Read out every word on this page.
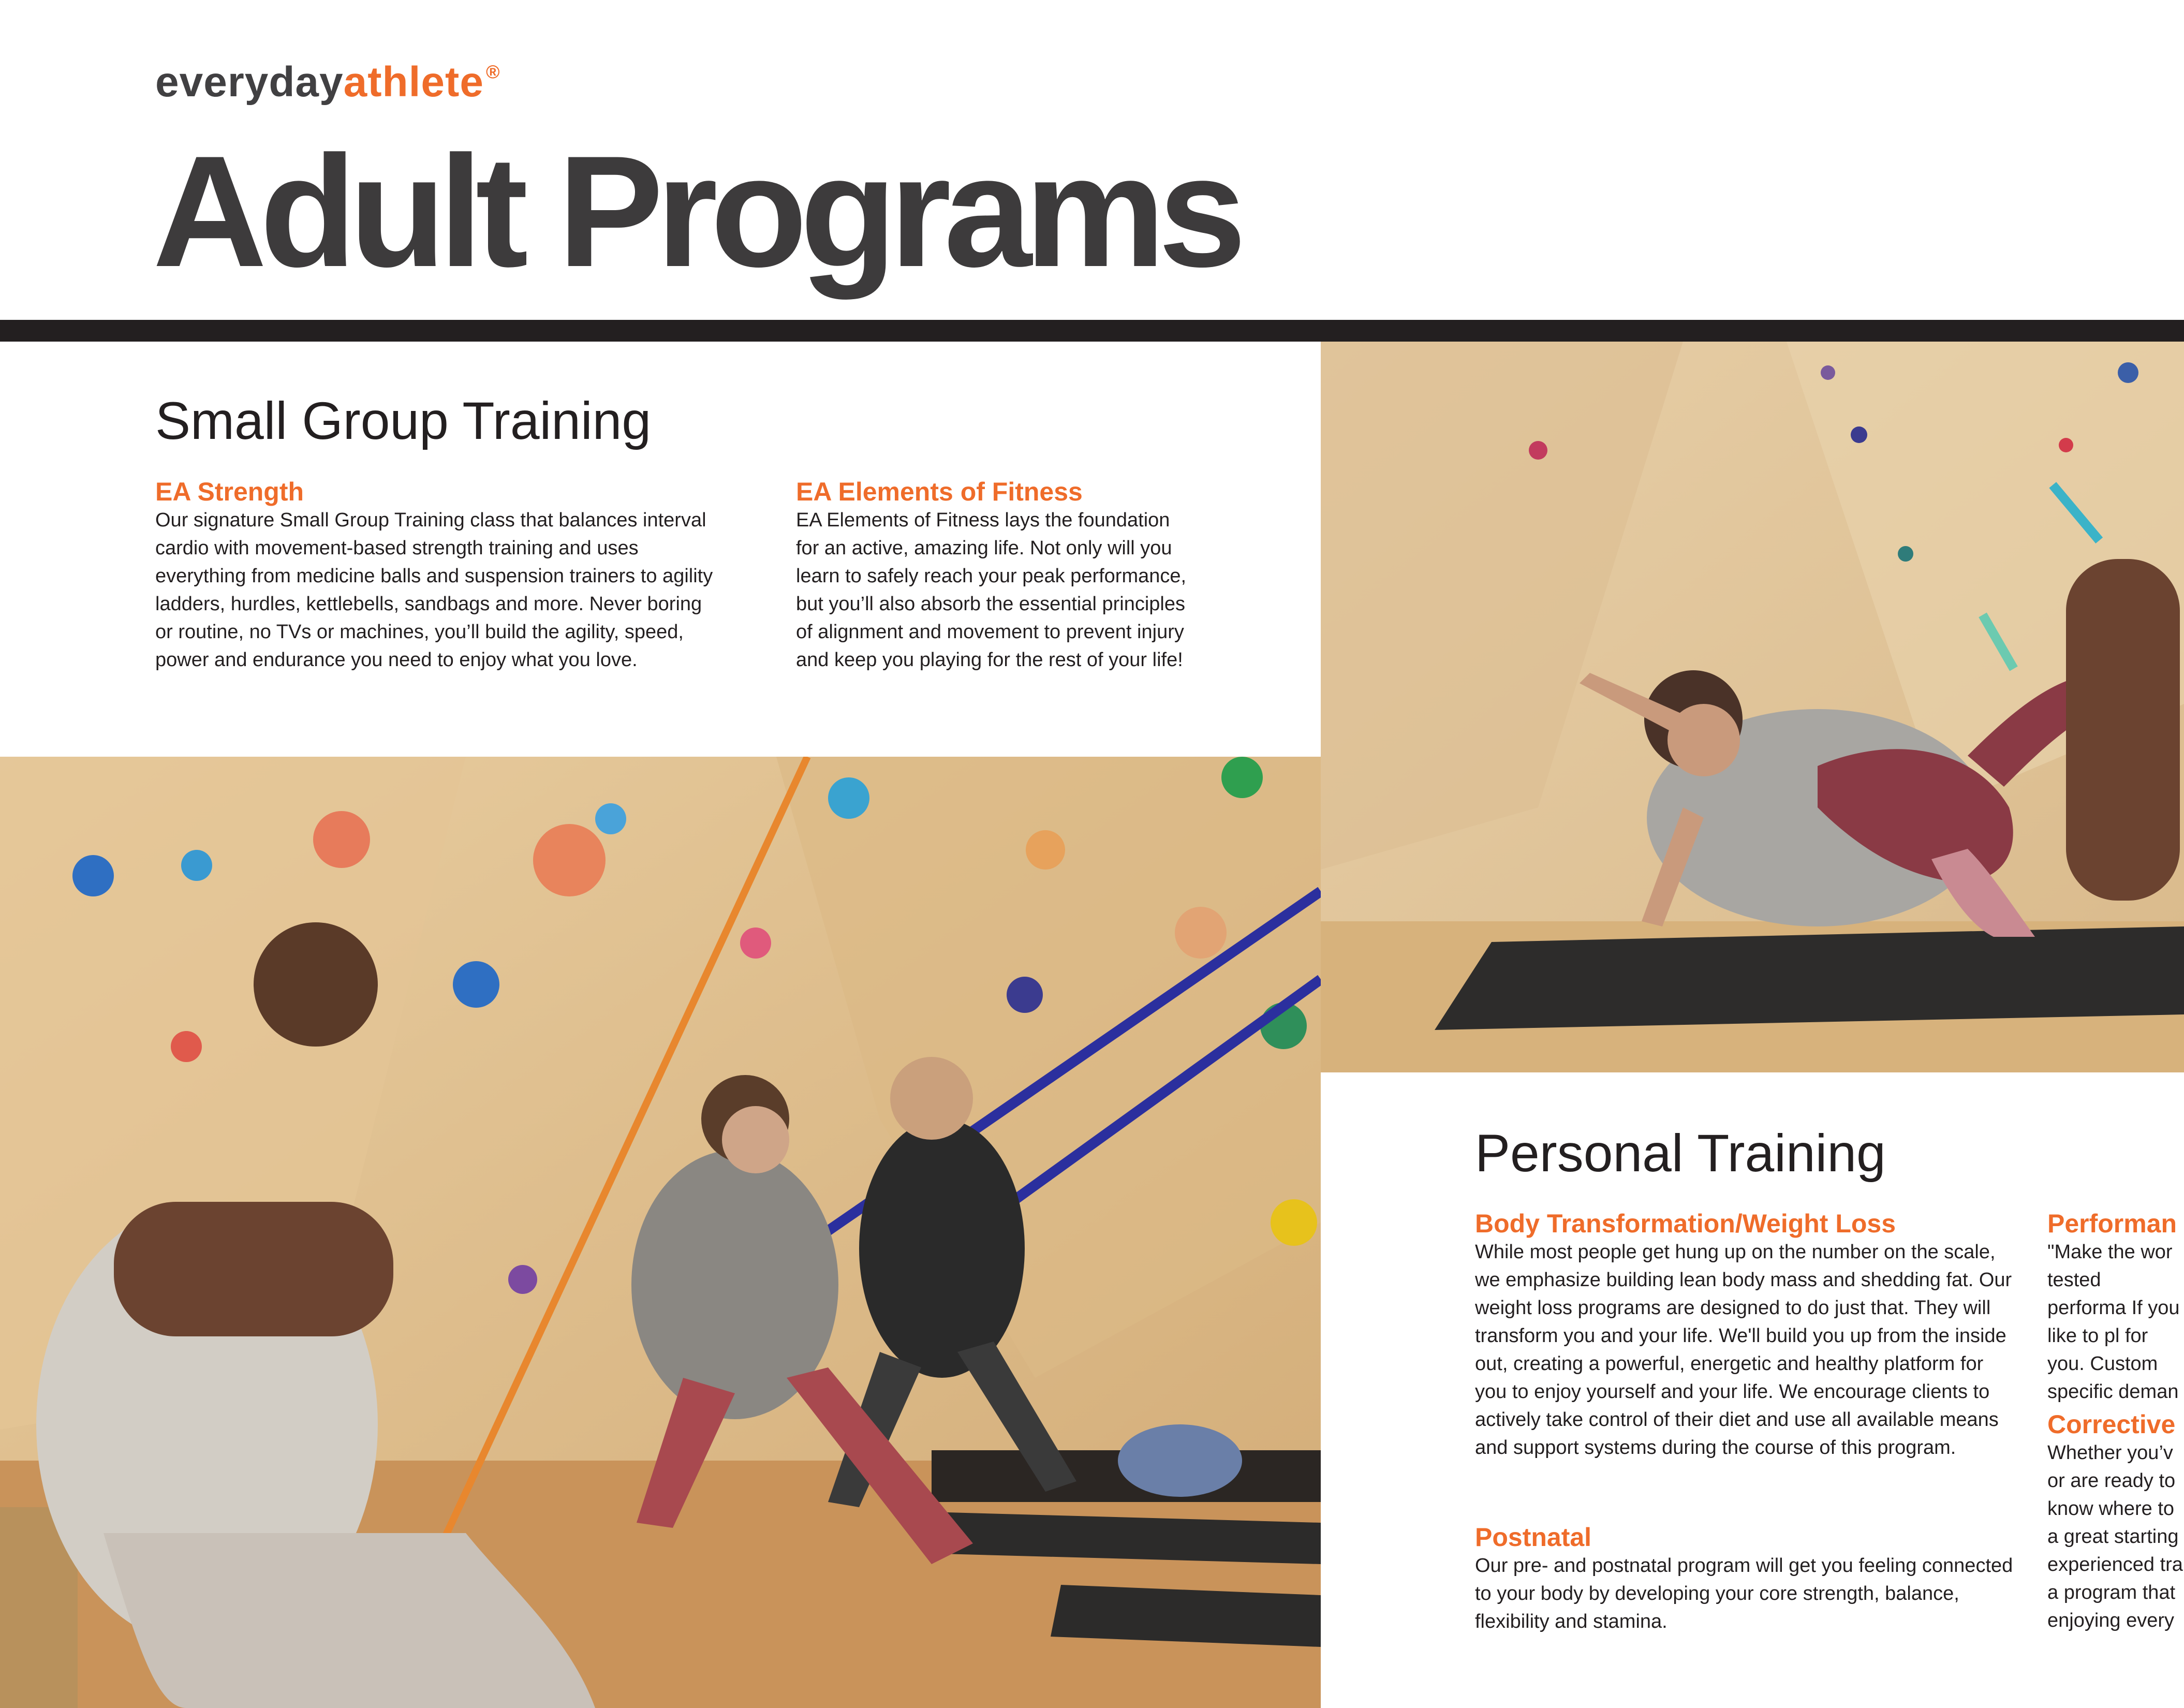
everydayathlete ®
Adult Programs
Small Group Training
EA Strength

Our signature Small Group Training class that balances interval cardio with movement-based strength training and uses everything from medicine balls and suspension trainers to agility ladders, hurdles, kettlebells, sandbags and more. Never boring or routine, no TVs or machines, you’ll build the agility, speed, power and endurance you need to enjoy what you love.

EA Elements of Fitness

EA Elements of Fitness lays the foundation for an active, amazing life. Not only will you learn to safely reach your peak performance, but you’ll also absorb the essential principles of alignment and movement to prevent injury and keep you playing for the rest of your life!

Personal Training
Body Transformation/Weight Loss

While most people get hung up on the number on the scale, we emphasize building lean body mass and shedding fat. Our weight loss programs are designed to do just that. They will transform you and your life. We'll build you up from the inside out, creating a powerful, energetic and healthy platform for you to enjoy yourself and your life. We encourage clients to actively take control of their diet and use all available means and support systems during the course of this program.

Postnatal

Our pre- and postnatal program will get you feeling connected to your body by developing your core strength, balance, flexibility and stamina.

Performan

"Make the wor tested performa If you like to pl for you. Custom specific deman

Corrective

Whether you’v or are ready to know where to a great starting experienced tra a program that enjoying every
